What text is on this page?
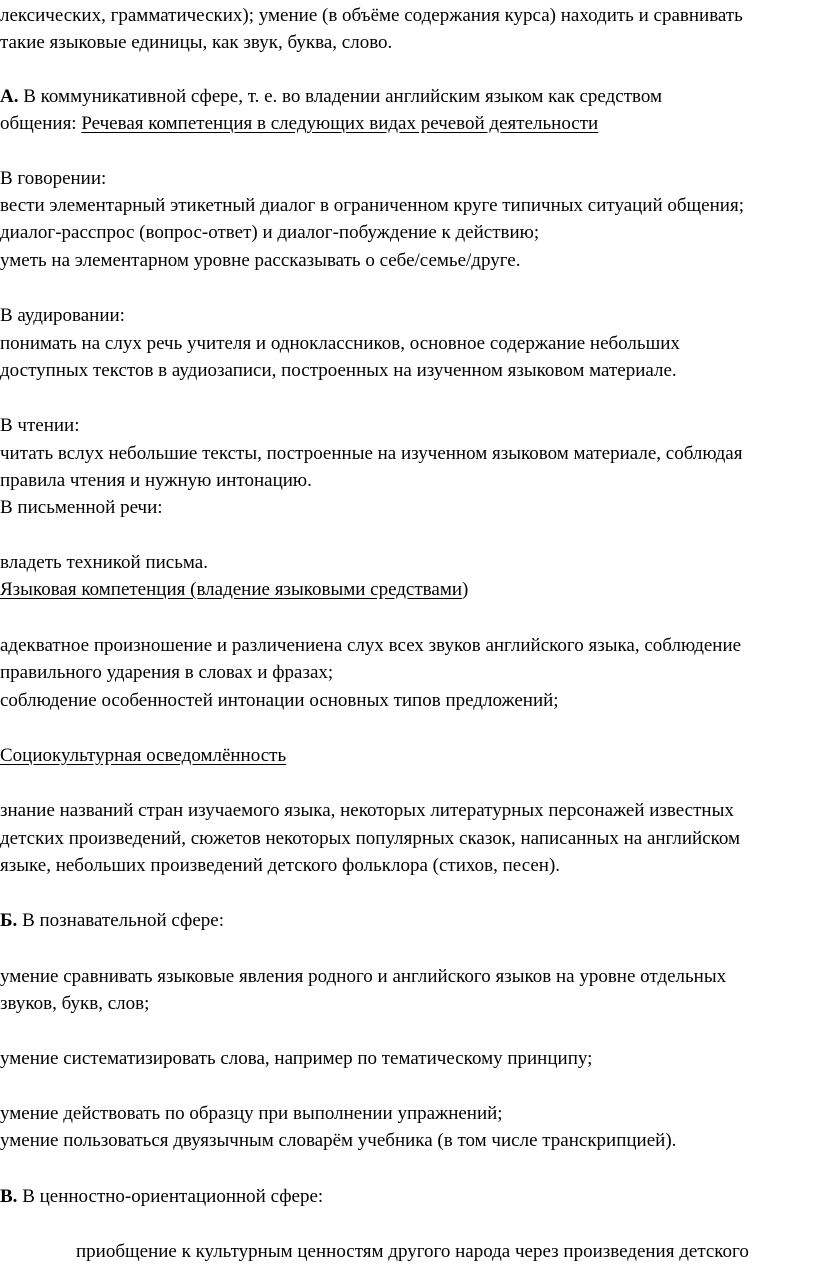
лексических, грамматических); умение (в объёме содержания курса) находить и сравнивать
такие языковые единицы, как звук, буква, слово.
А. В коммуникативной сфере, т. е. во владении английским языком как средством
общения: Речевая компетенция в следующих видах речевой деятельности
В говорении:
вести элементарный этикетный диалог в ограниченном круге типичных ситуаций общения;
диалог-расспрос (вопрос-ответ) и диалог-побуждение к действию;
уметь на элементарном уровне рассказывать о себе/семье/друге.
В аудировании:
понимать на слух речь учителя и одноклассников, основное содержание небольших
доступных текстов в аудиозаписи, построенных на изученном языковом материале.
В чтении:
читать вслух небольшие тексты, построенные на изученном языковом материале, соблюдая
правила чтения и нужную интонацию.
В письменной речи:
владеть техникой письма.
Языковая компетенция (владение языковыми средствами)
адекватное произношение и различениена слух всех звуков английского языка, соблюдение
правильного ударения в словах и фразах;
соблюдение особенностей интонации основных типов предложений;
Социокультурная осведомлённость
знание названий стран изучаемого языка, некоторых литературных персонажей известных
детских произведений, сюжетов некоторых популярных сказок, написанных на английском
языке, небольших произведений детского фольклора (стихов, песен).
Б. В познавательной сфере:
умение сравнивать языковые явления родного и английского языков на уровне отдельных
звуков, букв, слов;
умение систематизировать слова, например по тематическому принципу;
умение действовать по образцу при выполнении упражнений;
умение пользоваться двуязычным словарём учебника (в том числе транскрипцией).
В. В ценностно-ориентационной сфере:
приобщение к культурным ценностям другого народа через произведения детского
